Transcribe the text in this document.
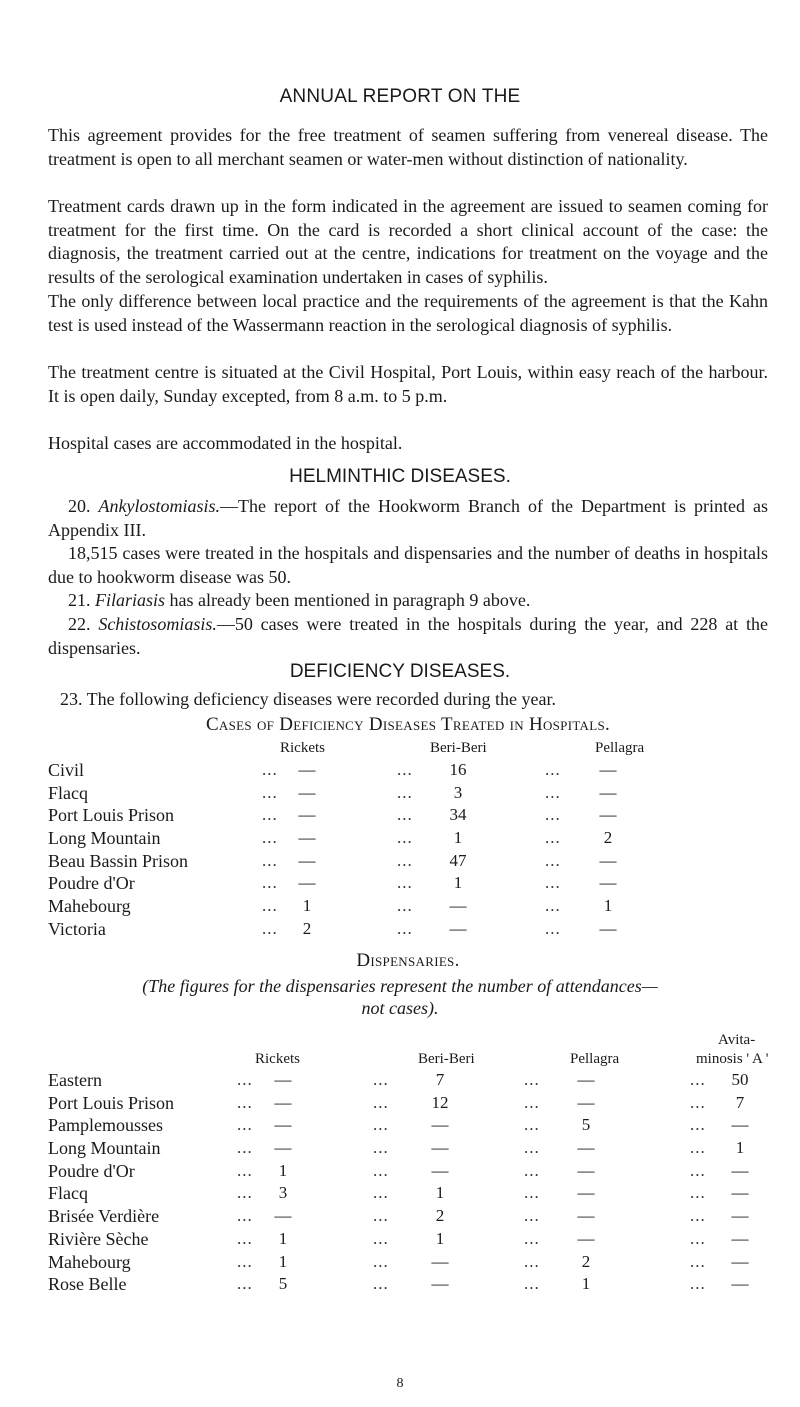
ANNUAL REPORT ON THE

This agreement provides for the free treatment of seamen suffering from venereal disease. The treatment is open to all merchant seamen or water-men without distinction of nationality.

Treatment cards drawn up in the form indicated in the agreement are issued to seamen coming for treatment for the first time. On the card is recorded a short clinical account of the case: the diagnosis, the treatment carried out at the centre, indications for treatment on the voyage and the results of the serological examination undertaken in cases of syphilis.

The only difference between local practice and the requirements of the agreement is that the Kahn test is used instead of the Wassermann reaction in the serological diagnosis of syphilis.

The treatment centre is situated at the Civil Hospital, Port Louis, within easy reach of the harbour. It is open daily, Sunday excepted, from 8 a.m. to 5 p.m.

Hospital cases are accommodated in the hospital.

HELMINTHIC DISEASES.

20. Ankylostomiasis.—The report of the Hookworm Branch of the Department is printed as Appendix III.

18,515 cases were treated in the hospitals and dispensaries and the number of deaths in hospitals due to hookworm disease was 50.

21. Filariasis has already been mentioned in paragraph 9 above.

22. Schistosomiasis.—50 cases were treated in the hospitals during the year, and 228 at the dispensaries.

DEFICIENCY DISEASES.

23. The following deficiency diseases were recorded during the year.

Cases of Deficiency Diseases Treated in Hospitals.
Rickets	Beri-Beri	Pellagra
Civil	...	—	...	16	...	—
Flacq	...	—	...	3	...	—
Port Louis Prison	...	—	...	34	...	—
Long Mountain	...	—	...	1	...	2
Beau Bassin Prison	...	—	...	47	...	—
Poudre d'Or	...	—	...	1	...	—
Mahebourg	...	1	...	—	...	1
Victoria	...	2	...	—	...	—
Dispensaries.
(The figures for the dispensaries represent the number of attendances—
not cases).
Rickets	Beri-Beri	Pellagra
Avita-
minosis ' A '
Eastern	...	—	...	7	...	—	...	50
Port Louis Prison	...	—	...	12	...	—	...	7
Pamplemousses	...	—	...	—	...	5	...	—
Long Mountain	...	—	...	—	...	—	...	1
Poudre d'Or	...	1	...	—	...	—	...	—
Flacq	...	3	...	1	...	—	...	—
Brisée Verdière	...	—	...	2	...	—	...	—
Rivière Sèche	...	1	...	1	...	—	...	—
Mahebourg	...	1	...	—	...	2	...	—
Rose Belle	...	5	...	—	...	1	...	—
8
